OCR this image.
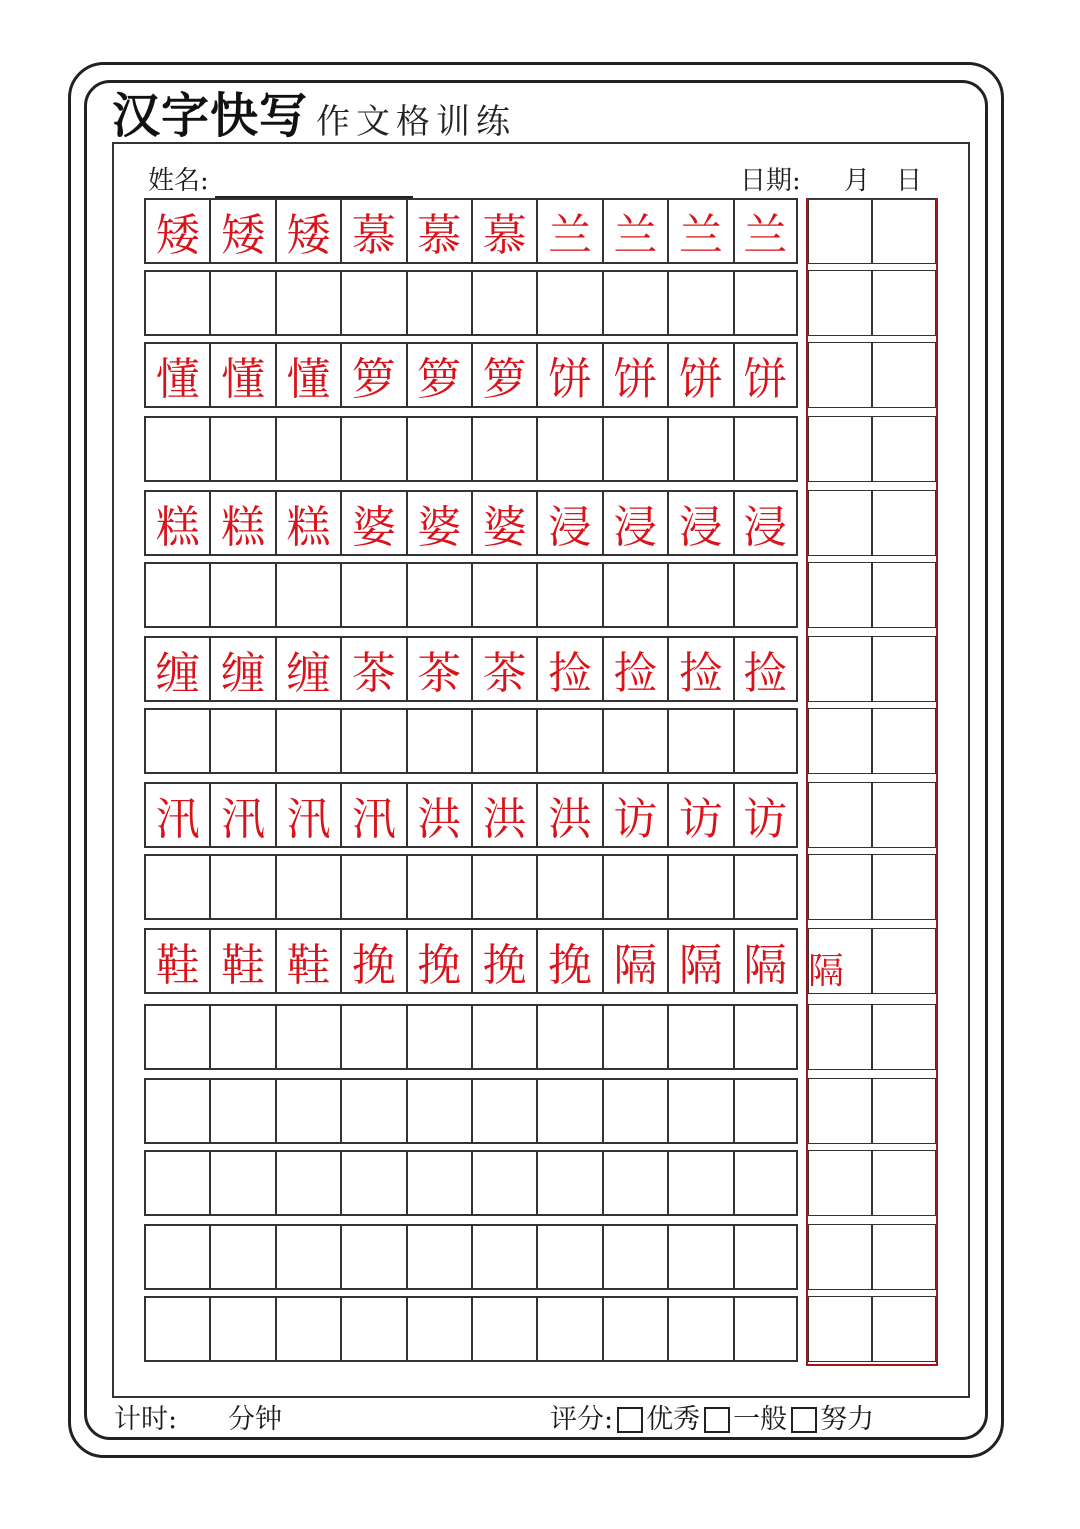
汉字快写 作文格训练
姓名:	日期: 月 日
矮 矮 矮 慕 慕 慕 兰 兰 兰 兰
懂 懂 懂 箩 箩 箩 饼 饼 饼 饼
糕 糕 糕 婆 婆 婆 浸 浸 浸 浸
缠 缠 缠 茶 茶 茶 捡 捡 捡 捡
汛 汛 汛 汛 洪 洪 洪 访 访 访
鞋 鞋 鞋 挽 挽 挽 挽 隔 隔 隔 隔
计时: 分钟	评分: 优秀 一般 努力
